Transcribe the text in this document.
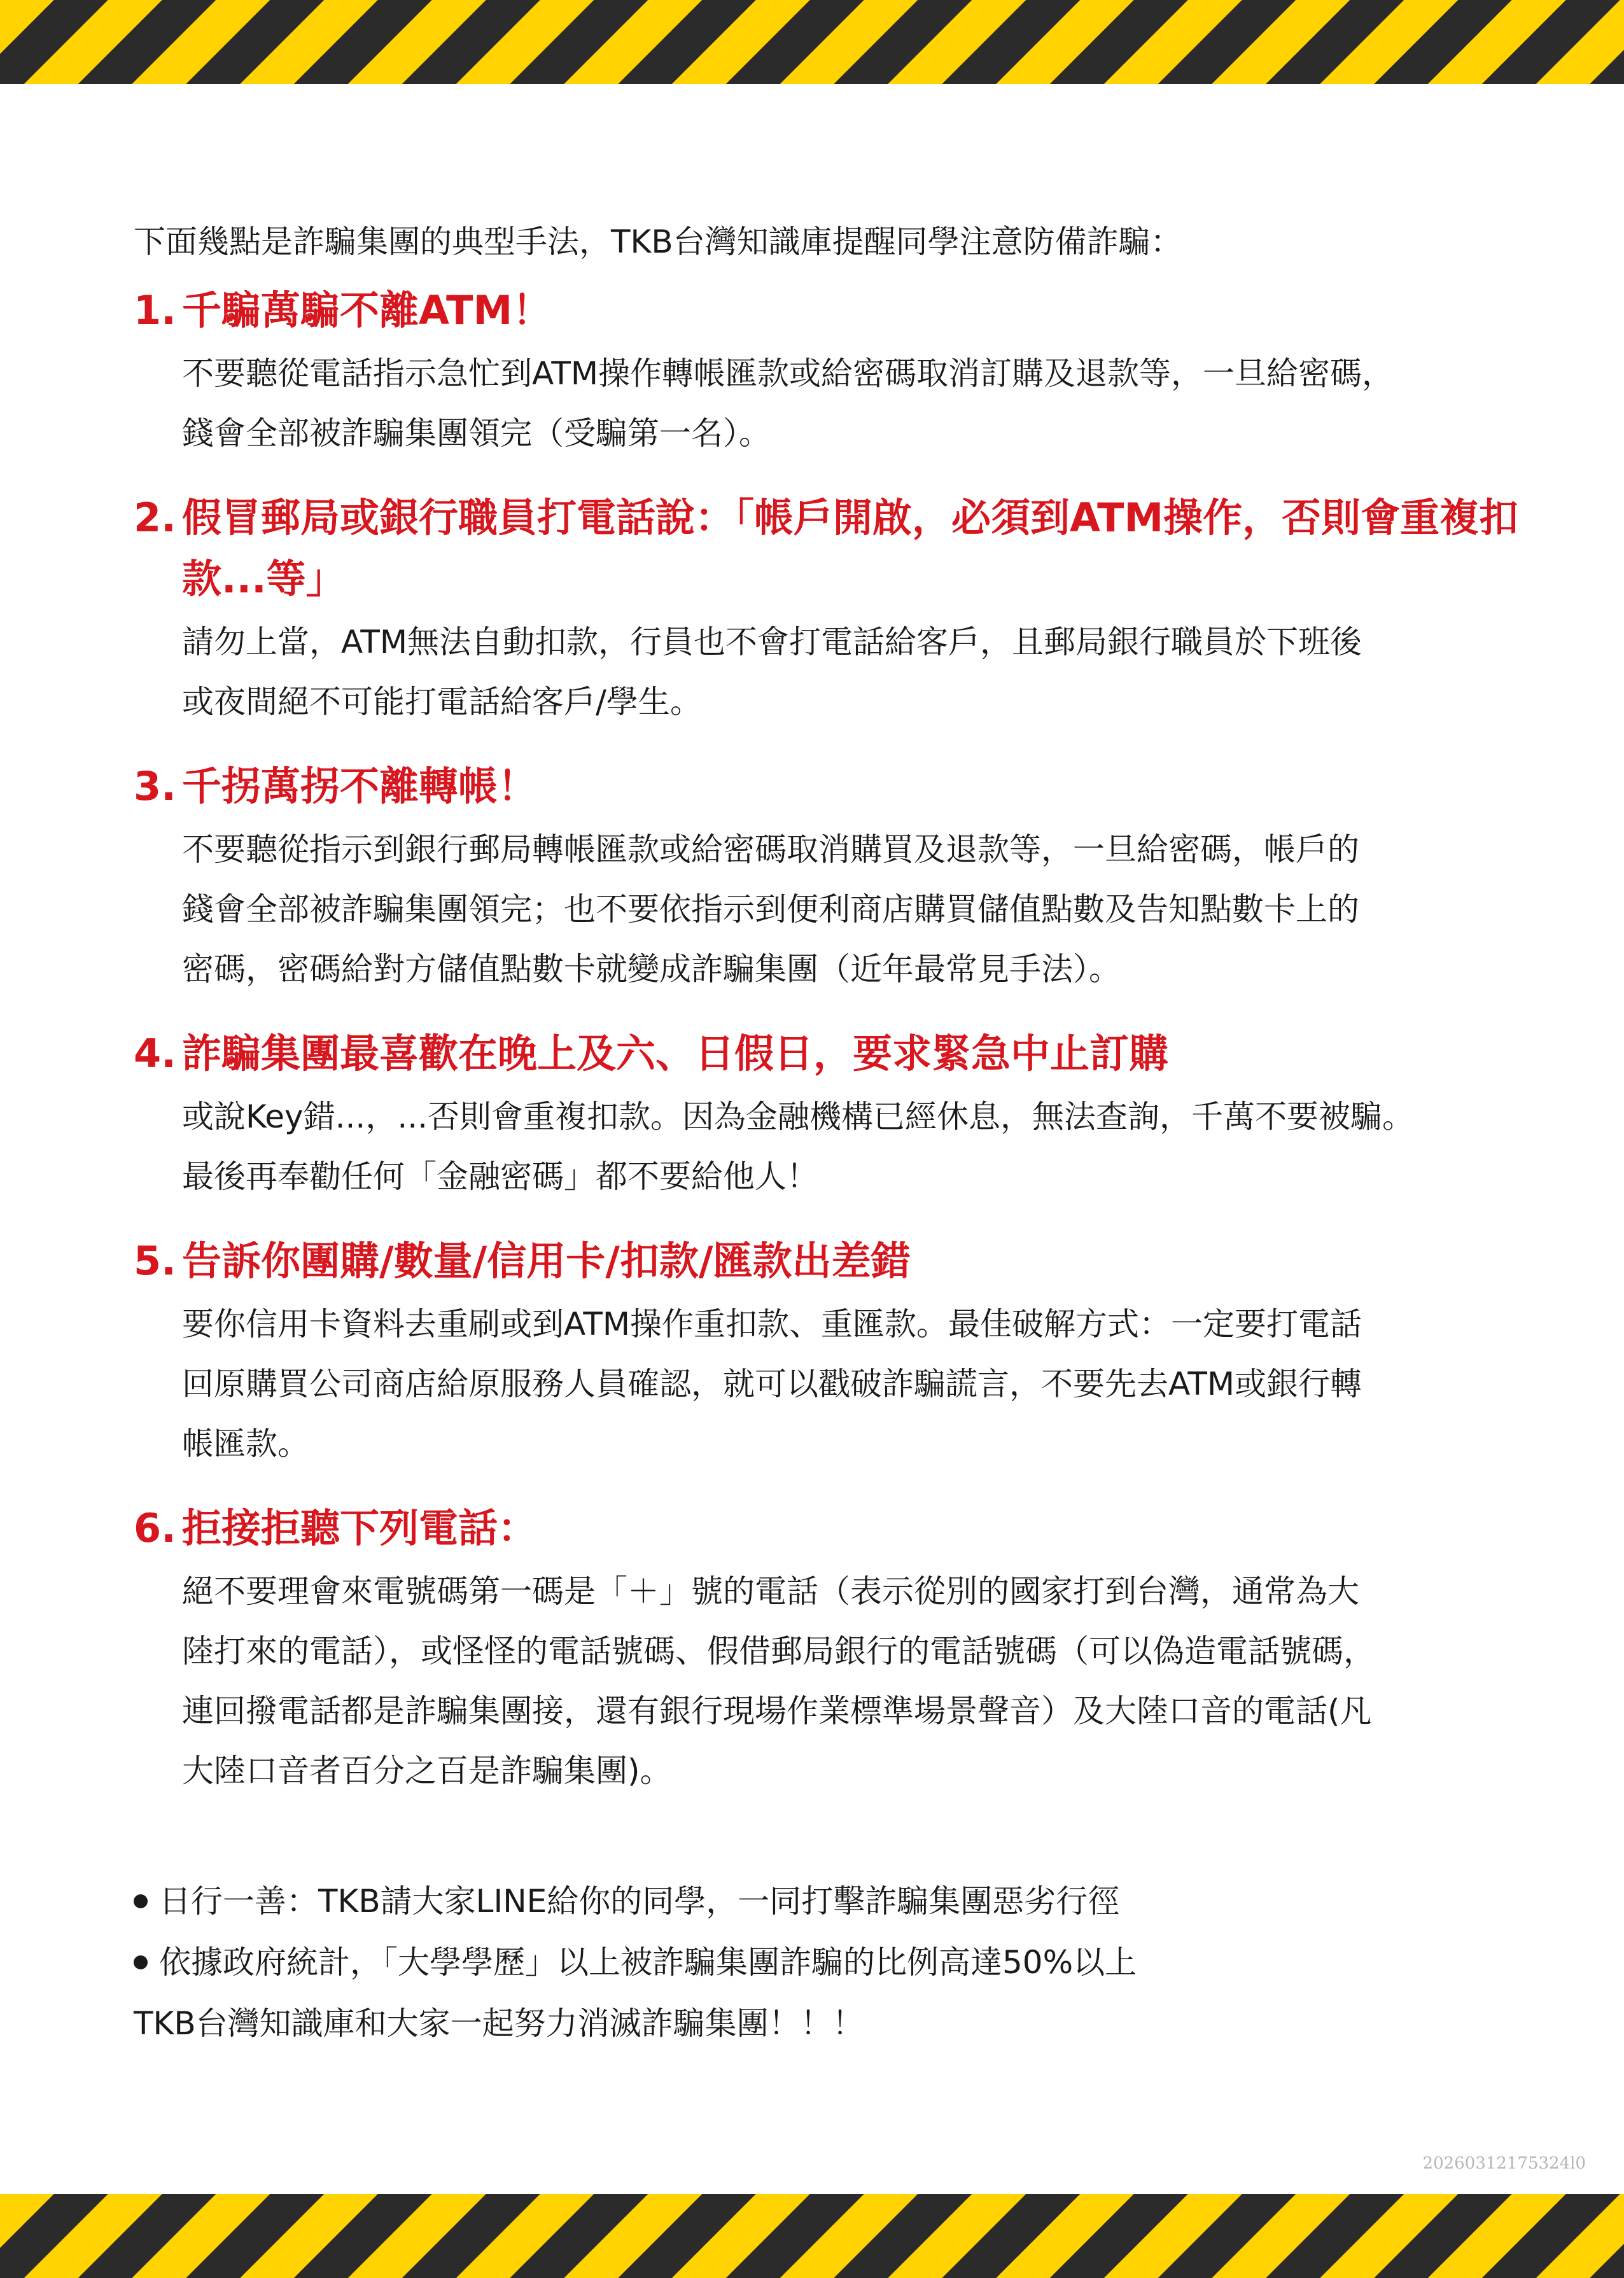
下面幾點是詐騙集團的典型手法，TKB台灣知識庫提醒同學注意防備詐騙：

1. 千騙萬騙不離ATM！

不要聽從電話指示急忙到ATM操作轉帳匯款或給密碼取消訂購及退款等，一旦給密碼，
錢會全部被詐騙集團領完（受騙第一名）。

2. 假冒郵局或銀行職員打電話說：「帳戶開啟，必須到ATM操作，否則會重複扣款...等」

請勿上當，ATM無法自動扣款，行員也不會打電話給客戶，且郵局銀行職員於下班後
或夜間絕不可能打電話給客戶/學生。

3. 千拐萬拐不離轉帳！

不要聽從指示到銀行郵局轉帳匯款或給密碼取消購買及退款等，一旦給密碼，帳戶的
錢會全部被詐騙集團領完；也不要依指示到便利商店購買儲值點數及告知點數卡上的
密碼，密碼給對方儲值點數卡就變成詐騙集團（近年最常見手法）。

4. 詐騙集團最喜歡在晚上及六、日假日，要求緊急中止訂購

或說Key錯...，...否則會重複扣款。因為金融機構已經休息，無法查詢，千萬不要被騙。
最後再奉勸任何「金融密碼」都不要給他人！

5. 告訴你團購/數量/信用卡/扣款/匯款出差錯

要你信用卡資料去重刷或到ATM操作重扣款、重匯款。最佳破解方式：一定要打電話
回原購買公司商店給原服務人員確認，就可以戳破詐騙謊言，不要先去ATM或銀行轉
帳匯款。

6. 拒接拒聽下列電話：

絕不要理會來電號碼第一碼是「＋」號的電話（表示從別的國家打到台灣，通常為大
陸打來的電話），或怪怪的電話號碼、假借郵局銀行的電話號碼（可以偽造電話號碼，
連回撥電話都是詐騙集團接，還有銀行現場作業標準場景聲音）及大陸口音的電話(凡
大陸口音者百分之百是詐騙集團)。
日行一善：TKB請大家LINE給你的同學，一同打擊詐騙集團惡劣行徑
依據政府統計，「大學學歷」以上被詐騙集團詐騙的比例高達50%以上
TKB台灣知識庫和大家一起努力消滅詐騙集團！！！
20260312175324l0
